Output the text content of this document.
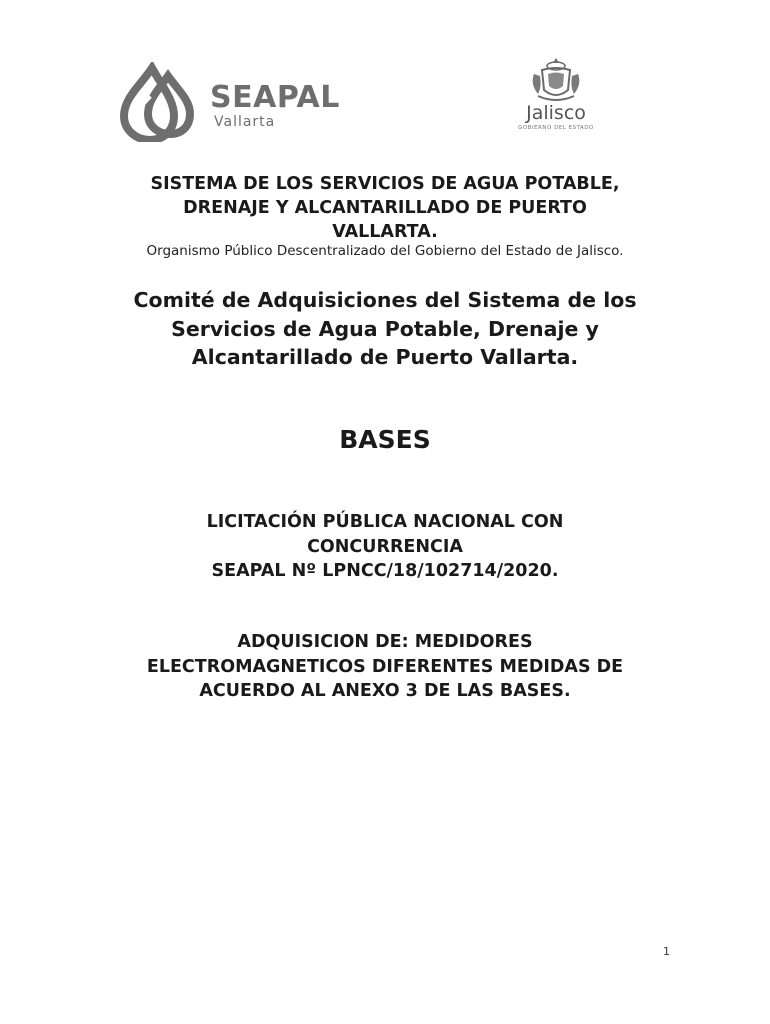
SEAPAL
Vallarta	Jalisco
GOBIERNO DEL ESTADO
SISTEMA DE LOS SERVICIOS DE AGUA POTABLE,
DRENAJE Y ALCANTARILLADO DE PUERTO
VALLARTA.

Organismo Público Descentralizado del Gobierno del Estado de Jalisco.

Comité de Adquisiciones del Sistema de los
Servicios de Agua Potable, Drenaje y
Alcantarillado de Puerto Vallarta.
BASES
LICITACIÓN PÚBLICA NACIONAL CON
CONCURRENCIA
SEAPAL Nº LPNCC/18/102714/2020.
ADQUISICION DE: MEDIDORES
ELECTROMAGNETICOS DIFERENTES MEDIDAS DE
ACUERDO AL ANEXO 3 DE LAS BASES.

1
